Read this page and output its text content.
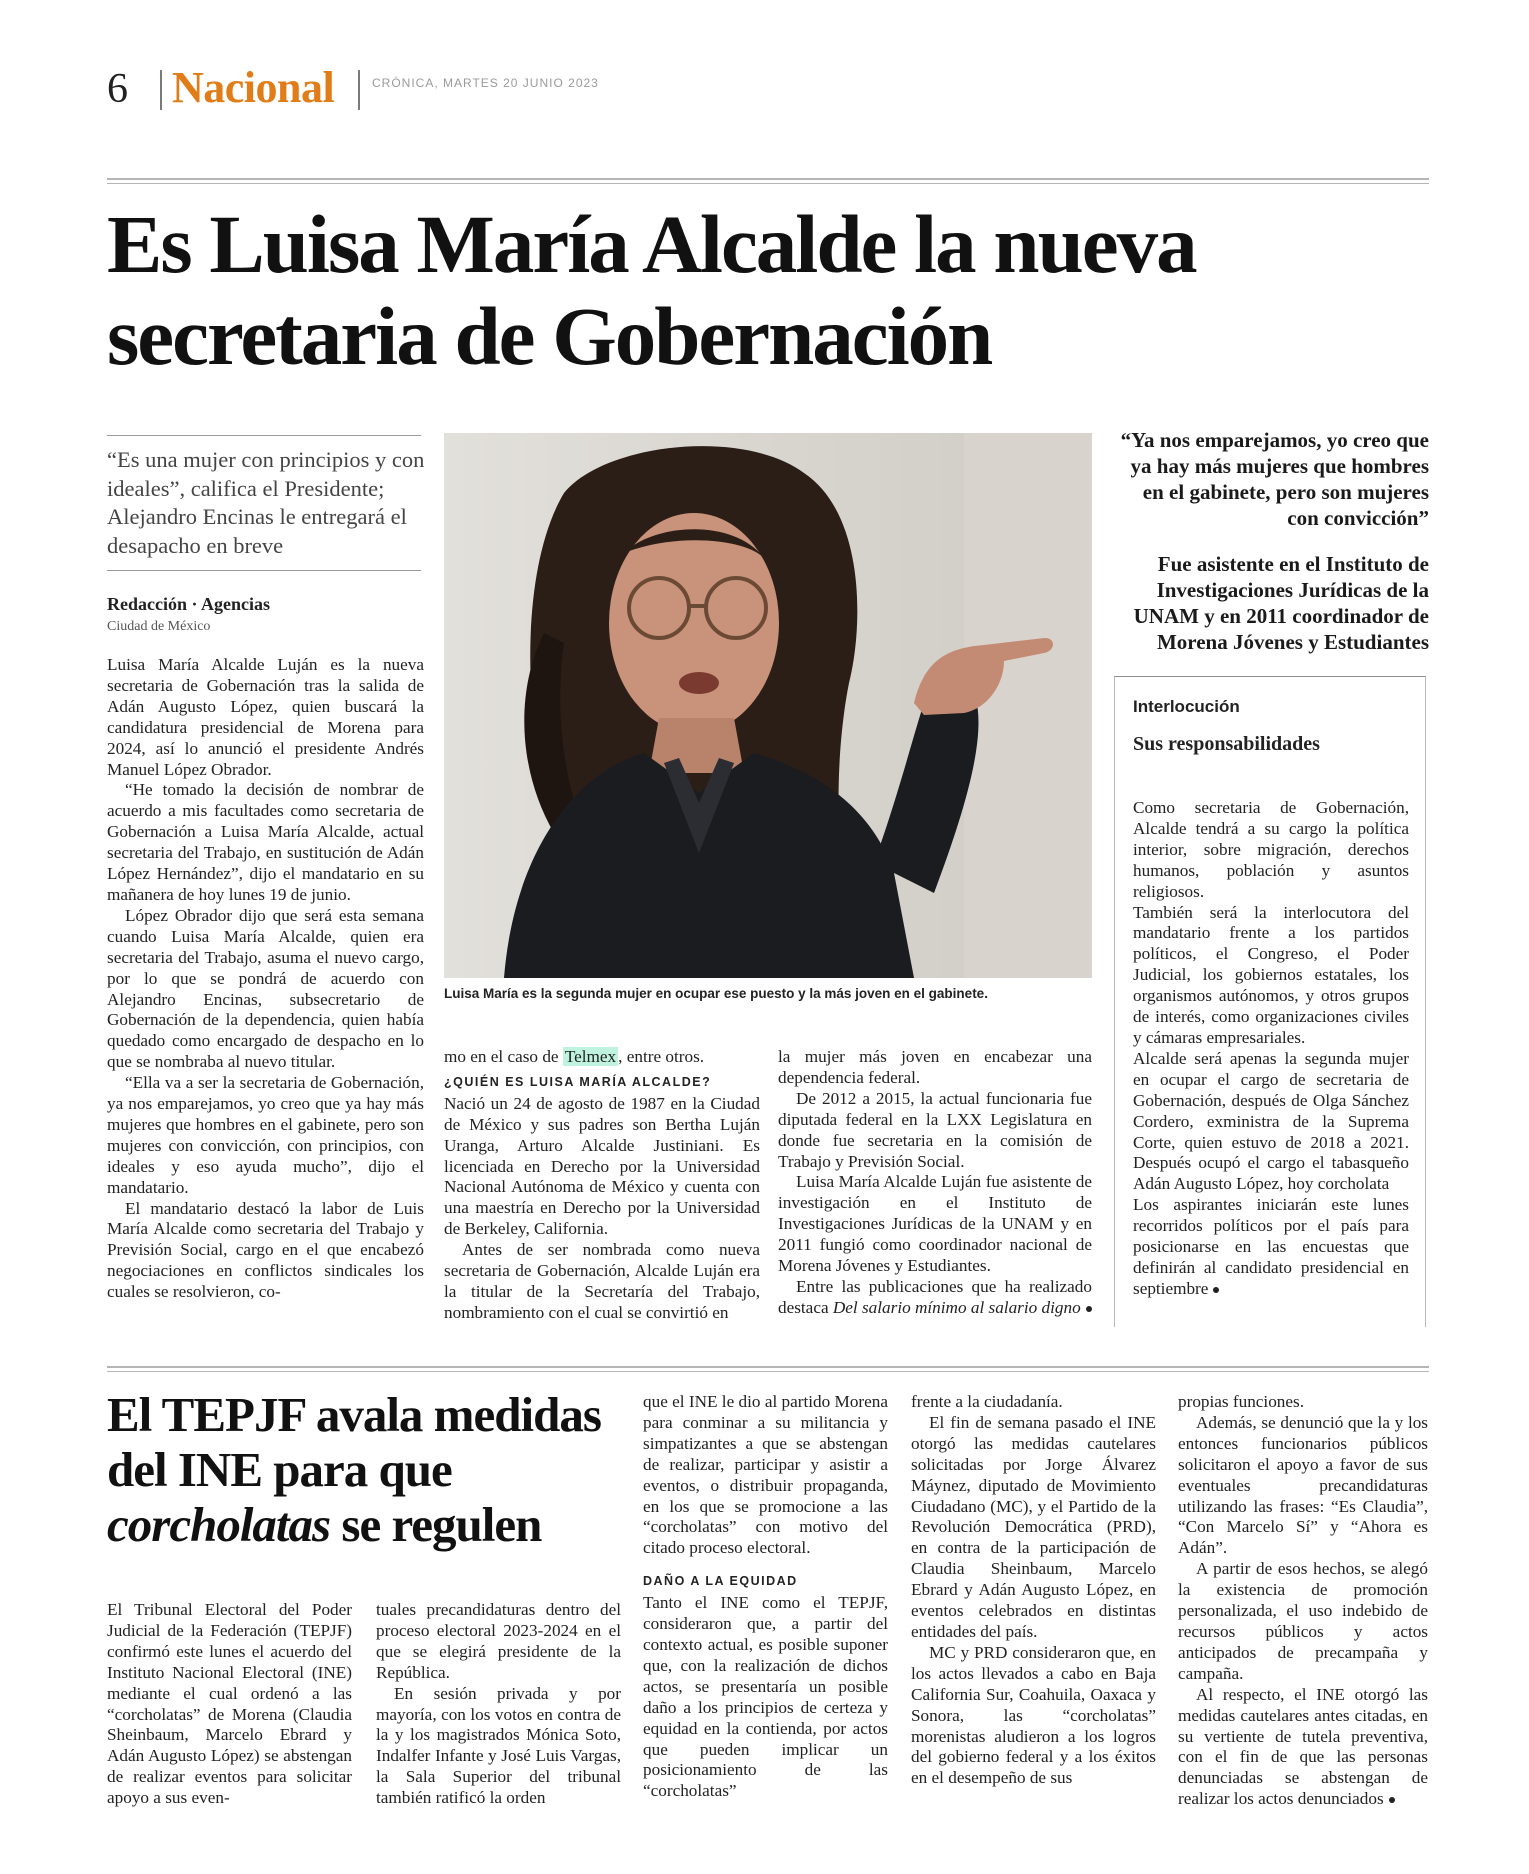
6 Nacional	CRÓNICA, MARTES 20 JUNIO 2023
Es Luisa María Alcalde la nueva secretaria de Gobernación
“Es una mujer con principios y con ideales”, califica el Presidente; Alejandro Encinas le entregará el desapacho en breve
Redacción · Agencias
Ciudad de México

Luisa María Alcalde Luján es la nueva secretaria de Gobernación tras la salida de Adán Augusto López, quien buscará la candidatura presidencial de Morena para 2024, así lo anunció el presidente Andrés Manuel López Obrador.

“He tomado la decisión de nombrar de acuerdo a mis facultades como secretaria de Gobernación a Luisa María Alcalde, actual secretaria del Trabajo, en sustitución de Adán López Hernández”, dijo el mandatario en su mañanera de hoy lunes 19 de junio.

López Obrador dijo que será esta semana cuando Luisa María Alcalde, quien era secretaria del Trabajo, asuma el nuevo cargo, por lo que se pondrá de acuerdo con Alejandro Encinas, subsecretario de Gobernación de la dependencia, quien había quedado como encargado de despacho en lo que se nombraba al nuevo titular.

“Ella va a ser la secretaria de Gobernación, ya nos emparejamos, yo creo que ya hay más mujeres que hombres en el gabinete, pero son mujeres con convicción, con principios, con ideales y eso ayuda mucho”, dijo el mandatario.

El mandatario destacó la labor de Luis María Alcalde como secretaria del Trabajo y Previsión Social, cargo en el que encabezó negociaciones en conflictos sindicales los cuales se resolvieron, co-

Luisa María es la segunda mujer en ocupar ese puesto y la más joven en el gabinete.

mo en el caso de Telmex , entre otros.

¿QUIÉN ES LUISA MARÍA ALCALDE?

Nació un 24 de agosto de 1987 en la Ciudad de México y sus padres son Bertha Luján Uranga, Arturo Alcalde Justiniani. Es licenciada en Derecho por la Universidad Nacional Autónoma de México y cuenta con una maestría en Derecho por la Universidad de Berkeley, California.

Antes de ser nombrada como nueva secretaria de Gobernación, Alcalde Luján era la titular de la Secretaría del Trabajo, nombramiento con el cual se convirtió en

la mujer más joven en encabezar una dependencia federal.

De 2012 a 2015, la actual funcionaria fue diputada federal en la LXX Legislatura en donde fue secretaria en la comisión de Trabajo y Previsión Social.

Luisa María Alcalde Luján fue asistente de investigación en el Instituto de Investigaciones Jurídicas de la UNAM y en 2011 fungió como coordinador nacional de Morena Jóvenes y Estudiantes.

Entre las publicaciones que ha realizado destaca Del salario mínimo al salario digno

“Ya nos emparejamos, yo creo que ya hay más mujeres que hombres en el gabinete, pero son mujeres con convicción”
Fue asistente en el Instituto de Investigaciones Jurídicas de la UNAM y en 2011 coordinador de Morena Jóvenes y Estudiantes
Interlocución
Sus responsabilidades

Como secretaria de Gobernación, Alcalde tendrá a su cargo la política interior, sobre migración, derechos humanos, población y asuntos religiosos.

También será la interlocutora del mandatario frente a los partidos políticos, el Congreso, el Poder Judicial, los gobiernos estatales, los organismos autónomos, y otros grupos de interés, como organizaciones civiles y cámaras empresariales.

Alcalde será apenas la segunda mujer en ocupar el cargo de secretaria de Gobernación, después de Olga Sánchez Cordero, exministra de la Suprema Corte, quien estuvo de 2018 a 2021. Después ocupó el cargo el tabasqueño Adán Augusto López, hoy corcholata

Los aspirantes iniciarán este lunes recorridos políticos por el país para posicionarse en las encuestas que definirán al candidato presidencial en septiembre

El TEPJF avala medidas del INE para que corcholatas se regulen

El Tribunal Electoral del Poder Judicial de la Federación (TEPJF) confirmó este lunes el acuerdo del Instituto Nacional Electoral (INE) mediante el cual ordenó a las “corcholatas” de Morena (Claudia Sheinbaum, Marcelo Ebrard y Adán Augusto López) se abstengan de realizar eventos para solicitar apoyo a sus even-

tuales precandidaturas dentro del proceso electoral 2023-2024 en el que se elegirá presidente de la República.

En sesión privada y por mayoría, con los votos en contra de la y los magistrados Mónica Soto, Indalfer Infante y José Luis Vargas, la Sala Superior del tribunal también ratificó la orden

que el INE le dio al partido Morena para conminar a su militancia y simpatizantes a que se abstengan de realizar, participar y asistir a eventos, o distribuir propaganda, en los que se promocione a las “corcholatas” con motivo del citado proceso electoral.

DAÑO A LA EQUIDAD

Tanto el INE como el TEPJF, consideraron que, a partir del contexto actual, es posible suponer que, con la realización de dichos actos, se presentaría un posible daño a los principios de certeza y equidad en la contienda, por actos que pueden implicar un posicionamiento de las “corcholatas”

frente a la ciudadanía.

El fin de semana pasado el INE otorgó las medidas cautelares solicitadas por Jorge Álvarez Máynez, diputado de Movimiento Ciudadano (MC), y el Partido de la Revolución Democrática (PRD), en contra de la participación de Claudia Sheinbaum, Marcelo Ebrard y Adán Augusto López, en eventos celebrados en distintas entidades del país.

MC y PRD consideraron que, en los actos llevados a cabo en Baja California Sur, Coahuila, Oaxaca y Sonora, las “corcholatas” morenistas aludieron a los logros del gobierno federal y a los éxitos en el desempeño de sus

propias funciones.

Además, se denunció que la y los entonces funcionarios públicos solicitaron el apoyo a favor de sus eventuales precandidaturas utilizando las frases: “Es Claudia”, “Con Marcelo Sí” y “Ahora es Adán”.

A partir de esos hechos, se alegó la existencia de promoción personalizada, el uso indebido de recursos públicos y actos anticipados de precampaña y campaña.

Al respecto, el INE otorgó las medidas cautelares antes citadas, en su vertiente de tutela preventiva, con el fin de que las personas denunciadas se abstengan de realizar los actos denunciados
